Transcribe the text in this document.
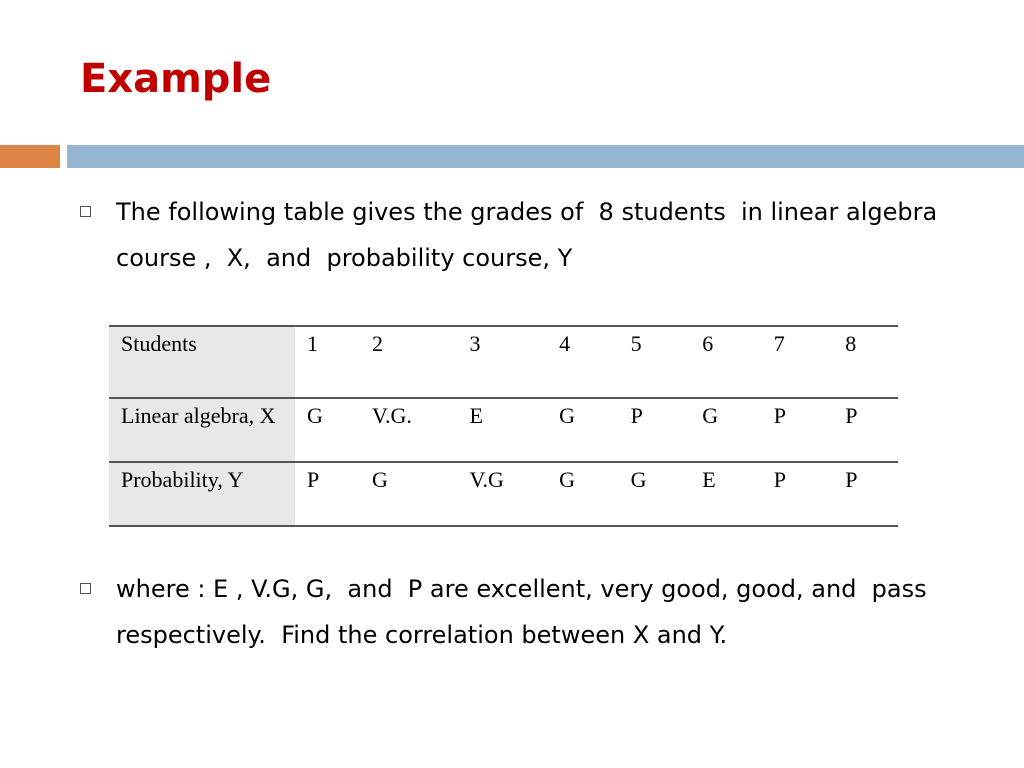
Example
The following table gives the grades of  8 students  in linear algebra course ,  X,  and  probability course, Y
Students	1	2	3	4	5	6	7	8
Linear algebra, X	G	V.G.	E	G	P	G	P	P
Probability, Y	P	G	V.G	G	G	E	P	P
where : E , V.G, G,  and  P are excellent, very good, good, and  pass  respectively.  Find the correlation between X and Y.
